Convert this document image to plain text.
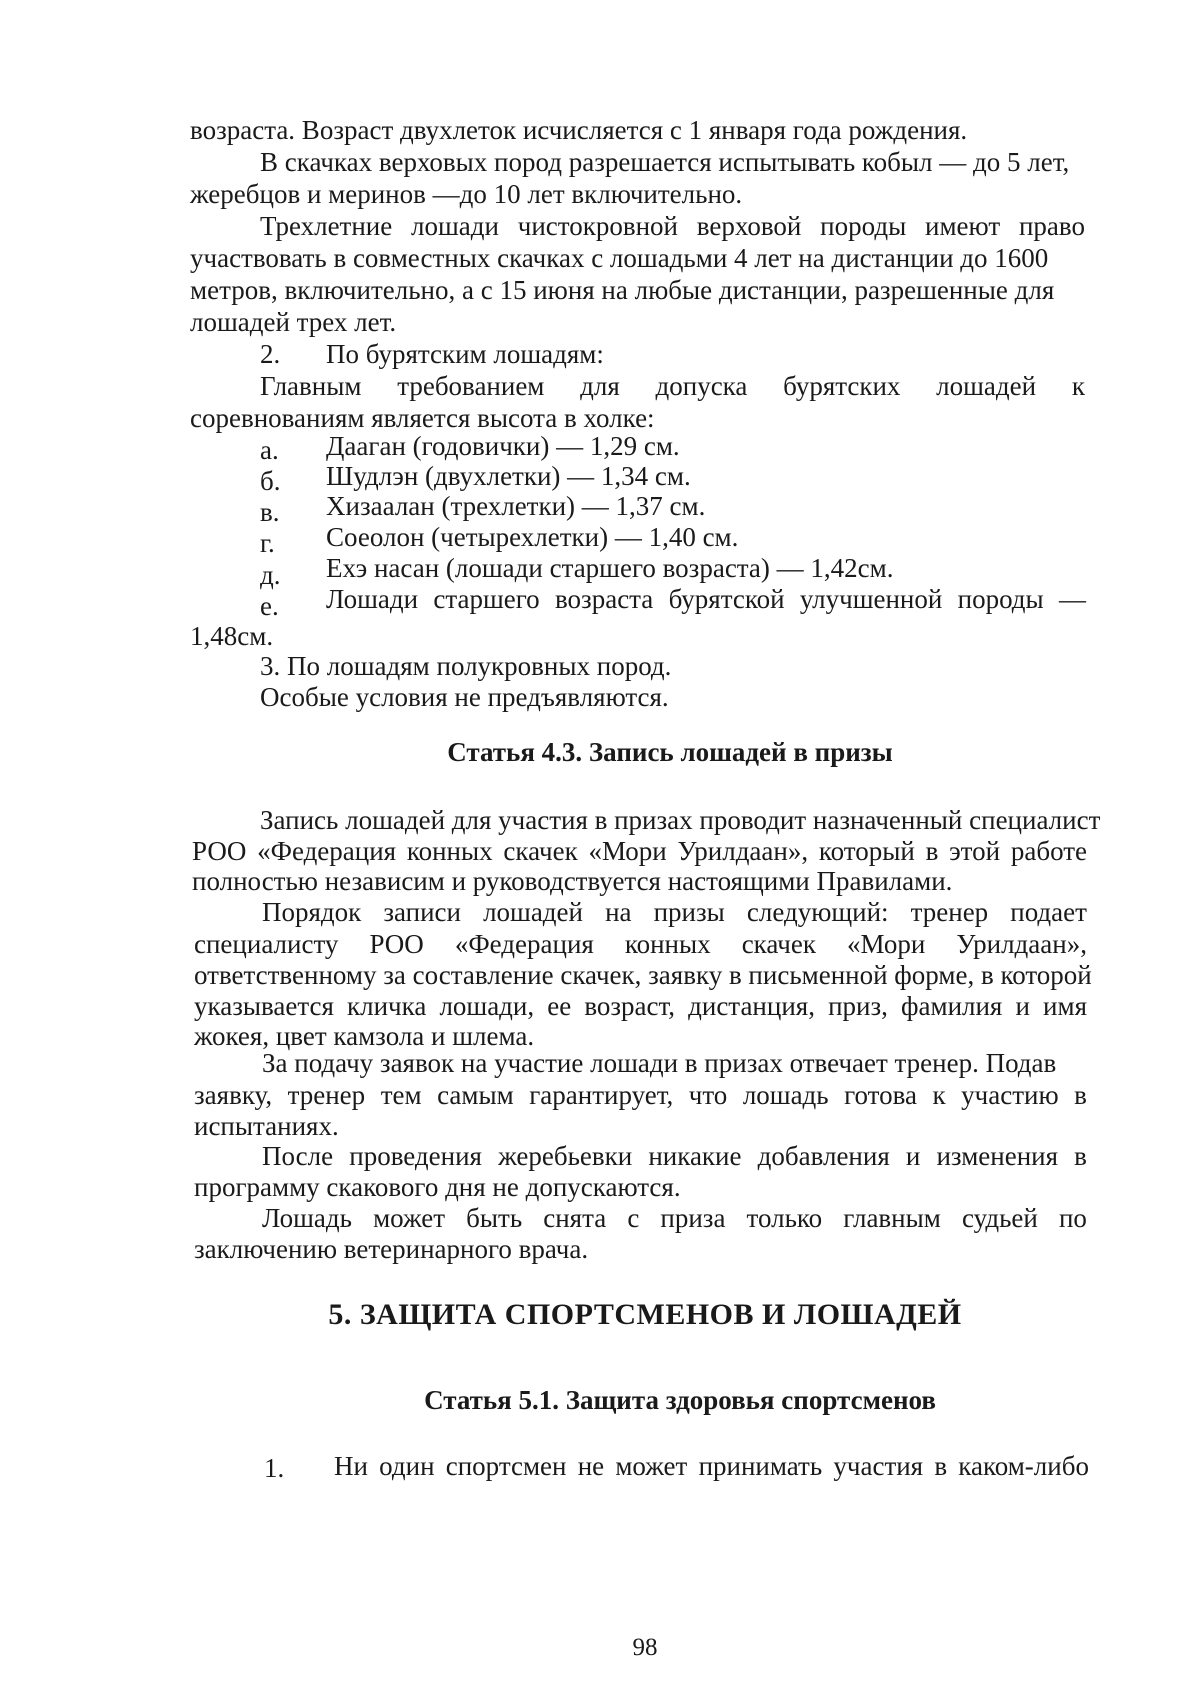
возраста. Возраст двухлеток исчисляется с 1 января года рождения.
В скачках верховых пород разрешается испытывать кобыл — до 5 лет,
жеребцов и меринов —до 10 лет включительно.
Трехлетние лошади чистокровной верховой породы имеют право
участвовать в совместных скачках с лошадьми 4 лет на дистанции до 1600
метров, включительно, а с 15 июня на любые дистанции, разрешенные для
лошадей трех лет.
2. По бурятским лошадям:
Главным требованием для допуска бурятских лошадей к
соревнованиям является высота в холке:
а. Дааган (годовички) — 1,29 см.
б. Шудлэн (двухлетки) — 1,34 см.
в. Хизаалан (трехлетки) — 1,37 см.
г. Соеолон (четырехлетки) — 1,40 см.
д. Ехэ насан (лошади старшего возраста) — 1,42см.
е. Лошади старшего возраста бурятской улучшенной породы —
1,48см.
3. По лошадям полукровных пород.
Особые условия не предъявляются.
Статья 4.3. Запись лошадей в призы
Запись лошадей для участия в призах проводит назначенный специалист
РОО «Федерация конных скачек «Мори Урилдаан», который в этой работе
полностью независим и руководствуется настоящими Правилами.
Порядок записи лошадей на призы следующий: тренер подает
специалисту РОО «Федерация конных скачек «Мори Урилдаан»,
ответственному за составление скачек, заявку в письменной форме, в которой
указывается кличка лошади, ее возраст, дистанция, приз, фамилия и имя
жокея, цвет камзола и шлема.
За подачу заявок на участие лошади в призах отвечает тренер. Подав
заявку, тренер тем самым гарантирует, что лошадь готова к участию в
испытаниях.
После проведения жеребьевки никакие добавления и изменения в
программу скакового дня не допускаются.
Лошадь может быть снята с приза только главным судьей по
заключению ветеринарного врача.
5. ЗАЩИТА СПОРТСМЕНОВ И ЛОШАДЕЙ
Статья 5.1. Защита здоровья спортсменов
1. Ни один спортсмен не может принимать участия в каком-либо
98
